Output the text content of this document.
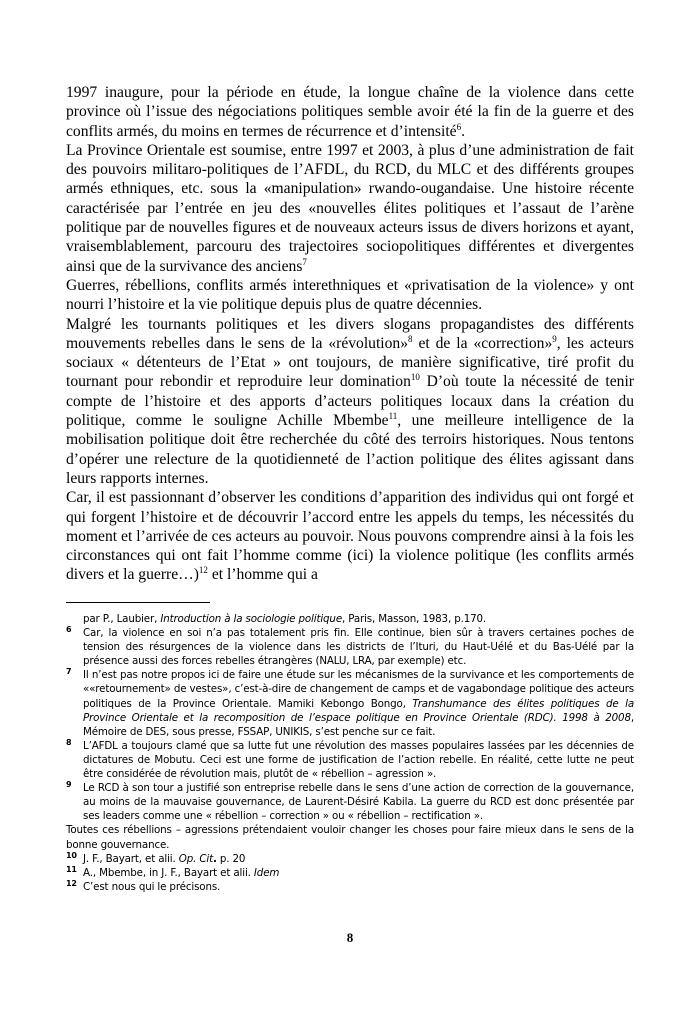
1997 inaugure, pour la période en étude, la longue chaîne de la violence dans cette province où l’issue des négociations politiques semble avoir été la fin de la guerre et des conflits armés, du moins en termes de récurrence et d’intensité$^6$.

La Province Orientale est soumise, entre 1997 et 2003, à plus d’une administration de fait des pouvoirs militaro-politiques de l’AFDL, du RCD, du MLC et des différents groupes armés ethniques, etc. sous la «manipulation» rwando-ougandaise. Une histoire récente caractérisée par l’entrée en jeu des «nouvelles élites politiques et l’assaut de l’arène politique par de nouvelles figures et de nouveaux acteurs issus de divers horizons et ayant, vraisemblablement, parcouru des trajectoires sociopolitiques différentes et divergentes ainsi que de la survivance des anciens$^7$

Guerres, rébellions, conflits armés interethniques et «privatisation de la violence» y ont nourri l’histoire et la vie politique depuis plus de quatre décennies.

Malgré les tournants politiques et les divers slogans propagandistes des différents mouvements rebelles dans le sens de la «révolution»$^8$ et de la «correction»$^9$, les acteurs sociaux « détenteurs de l’Etat » ont toujours, de manière significative, tiré profit du tournant pour rebondir et reproduire leur domination$^{10}$ D’où toute la nécessité de tenir compte de l’histoire et des apports d’acteurs politiques locaux dans la création du politique, comme le souligne Achille Mbembe$^{11}$, une meilleure intelligence de la mobilisation politique doit être recherchée du côté des terroirs historiques. Nous tentons d’opérer une relecture de la quotidienneté de l’action politique des élites agissant dans leurs rapports internes.

Car, il est passionnant d’observer les conditions d’apparition des individus qui ont forgé et qui forgent l’histoire et de découvrir l’accord entre les appels du temps, les nécessités du moment et l’arrivée de ces acteurs au pouvoir. Nous pouvons comprendre ainsi à la fois les circonstances qui ont fait l’homme comme (ici) la violence politique (les conflits armés divers et la guerre…)$^{12}$ et l’homme qui a

par P., Laubier, Introduction à la sociologie politique, Paris, Masson, 1983, p.170.

6 Car, la violence en soi n’a pas totalement pris fin. Elle continue, bien sûr à travers certaines poches de tension des résurgences de la violence dans les districts de l’Ituri, du Haut-Uélé et du Bas-Uélé par la présence aussi des forces rebelles étrangères (NALU, LRA, par exemple) etc.

7 Il n’est pas notre propos ici de faire une étude sur les mécanismes de la survivance et les comportements de ««retournement» de vestes», c’est-à-dire de changement de camps et de vagabondage politique des acteurs politiques de la Province Orientale. Mamiki Kebongo Bongo, Transhumance des élites politiques de la Province Orientale et la recomposition de l’espace politique en Province Orientale (RDC). 1998 à 2008, Mémoire de DES, sous presse, FSSAP, UNIKIS, s’est penche sur ce fait.

8 L’AFDL a toujours clamé que sa lutte fut une révolution des masses populaires lassées par les décennies de dictatures de Mobutu. Ceci est une forme de justification de l’action rebelle. En réalité, cette lutte ne peut être considérée de révolution mais, plutôt de « rébellion – agression ».

9 Le RCD à son tour a justifié son entreprise rebelle dans le sens d’une action de correction de la gouvernance, au moins de la mauvaise gouvernance, de Laurent-Désiré Kabila. La guerre du RCD est donc présentée par ses leaders comme une « rébellion – correction » ou « rébellion – rectification ».

Toutes ces rébellions – agressions prétendaient vouloir changer les choses pour faire mieux dans le sens de la bonne gouvernance.

10 J. F., Bayart, et alii. Op. Cit. p. 20

11 A., Mbembe, in J. F., Bayart et alii. Idem

12 C’est nous qui le précisons.

8
